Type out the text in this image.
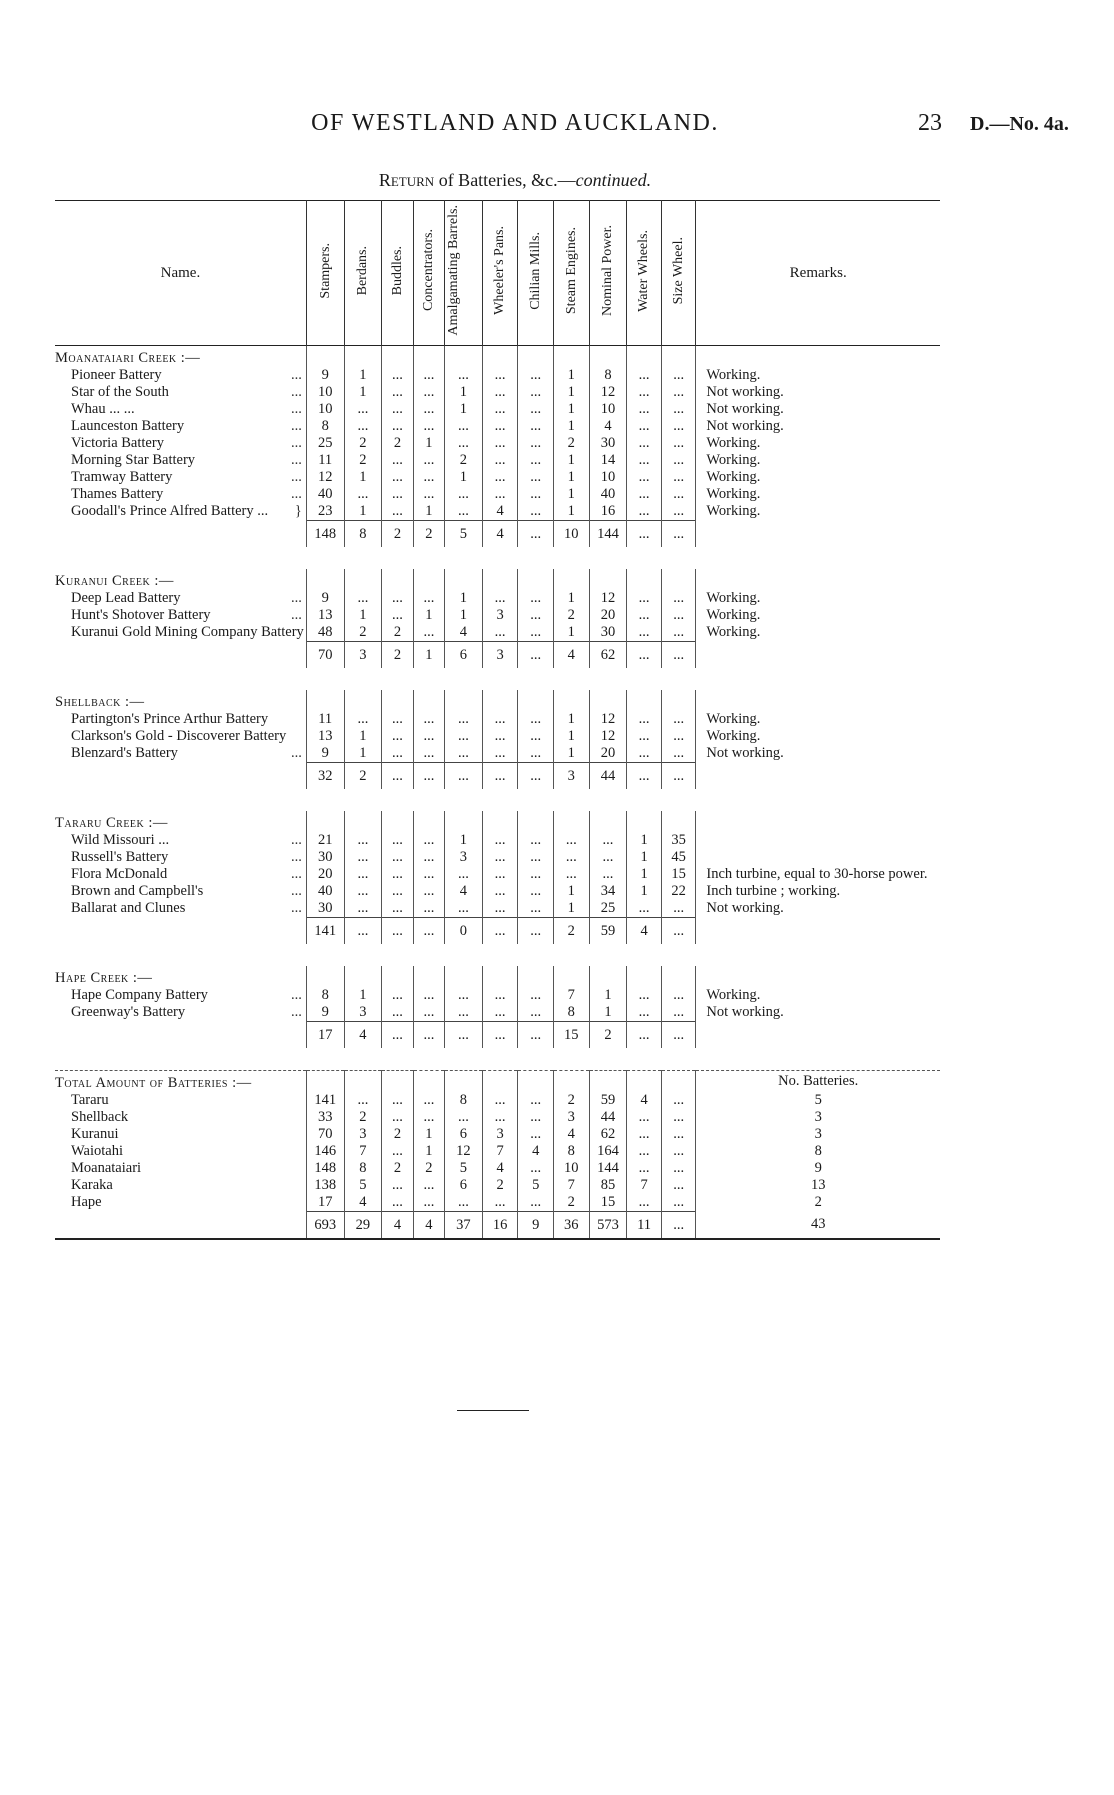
OF WESTLAND AND AUCKLAND.	23 D.—No. 4a.
Return of Batteries, &c.—continued.
Name.	Stampers.	Berdans.	Buddles.	Concentrators.	Amalgamating Barrels.	Wheeler's Pans.	Chilian Mills.	Steam Engines.	Nominal Power.	Water Wheels.	Size Wheel.	Remarks.
Moanataiari Creek :—												

Pioneer Battery ...	9	1	...	...	...	...	...	1	8	...	...	Working.

Star of the South ...	10	1	...	...	1	...	...	1	12	...	...	Not working.

Whau ... ... ...	10	...	...	...	1	...	...	1	10	...	...	Not working.

Launceston Battery ...	8	...	...	...	...	...	...	1	4	...	...	Not working.

Victoria Battery ...	25	2	2	1	...	...	...	2	30	...	...	Working.

Morning Star Battery ...	11	2	...	...	2	...	...	1	14	...	...	Working.

Tramway Battery ...	12	1	...	...	1	...	...	1	10	...	...	Working.

Thames Battery ...	40	...	...	...	...	...	...	1	40	...	...	Working.

Goodall's Prince Alfred Battery ... }	23	1	...	1	...	4	...	1	16	...	...	Working.
	148	8	2	2	5	4	...	10	144	...	...	

Kuranui Creek :—												

Deep Lead Battery ...	9	...	...	...	1	...	...	1	12	...	...	Working.

Hunt's Shotover Battery ...	13	1	...	1	1	3	...	2	20	...	...	Working.

Kuranui Gold Mining Company Battery	48	2	2	...	4	...	...	1	30	...	...	Working.
	70	3	2	1	6	3	...	4	62	...	...	

Shellback :—												

Partington's Prince Arthur Battery	11	...	...	...	...	...	...	1	12	...	...	Working.

Clarkson's Gold - Discoverer Battery	13	1	...	...	...	...	...	1	12	...	...	Working.

Blenzard's Battery ...	9	1	...	...	...	...	...	1	20	...	...	Not working.
	32	2	...	...	...	...	...	3	44	...	...	

Tararu Creek :—												

Wild Missouri ... ...	21	...	...	...	1	...	...	...	...	1	35	

Russell's Battery ...	30	...	...	...	3	...	...	...	...	1	45	

Flora McDonald ...	20	...	...	...	...	...	...	...	...	1	15	Inch turbine, equal to 30-horse power.

Brown and Campbell's ...	40	...	...	...	4	...	...	1	34	1	22	Inch turbine ; working.

Ballarat and Clunes ...	30	...	...	...	...	...	...	1	25	...	...	Not working.
	141	...	...	...	0	...	...	2	59	4	...	

Hape Creek :—												

Hape Company Battery ...	8	1	...	...	...	...	...	7	1	...	...	Working.

Greenway's Battery ...	9	3	...	...	...	...	...	8	1	...	...	Not working.
	17	4	...	...	...	...	...	15	2	...	...	

Total Amount of Batteries :—												No. Batteries.

Tararu	141	...	...	...	8	...	...	2	59	4	...	5

Shellback	33	2	...	...	...	...	...	3	44	...	...	3

Kuranui	70	3	2	1	6	3	...	4	62	...	...	3

Waiotahi	146	7	...	1	12	7	4	8	164	...	...	8

Moanataiari	148	8	2	2	5	4	...	10	144	...	...	9

Karaka	138	5	...	...	6	2	5	7	85	7	...	13

Hape	17	4	...	...	...	...	...	2	15	...	...	2
	693	29	4	4	37	16	9	36	573	11	...	43
